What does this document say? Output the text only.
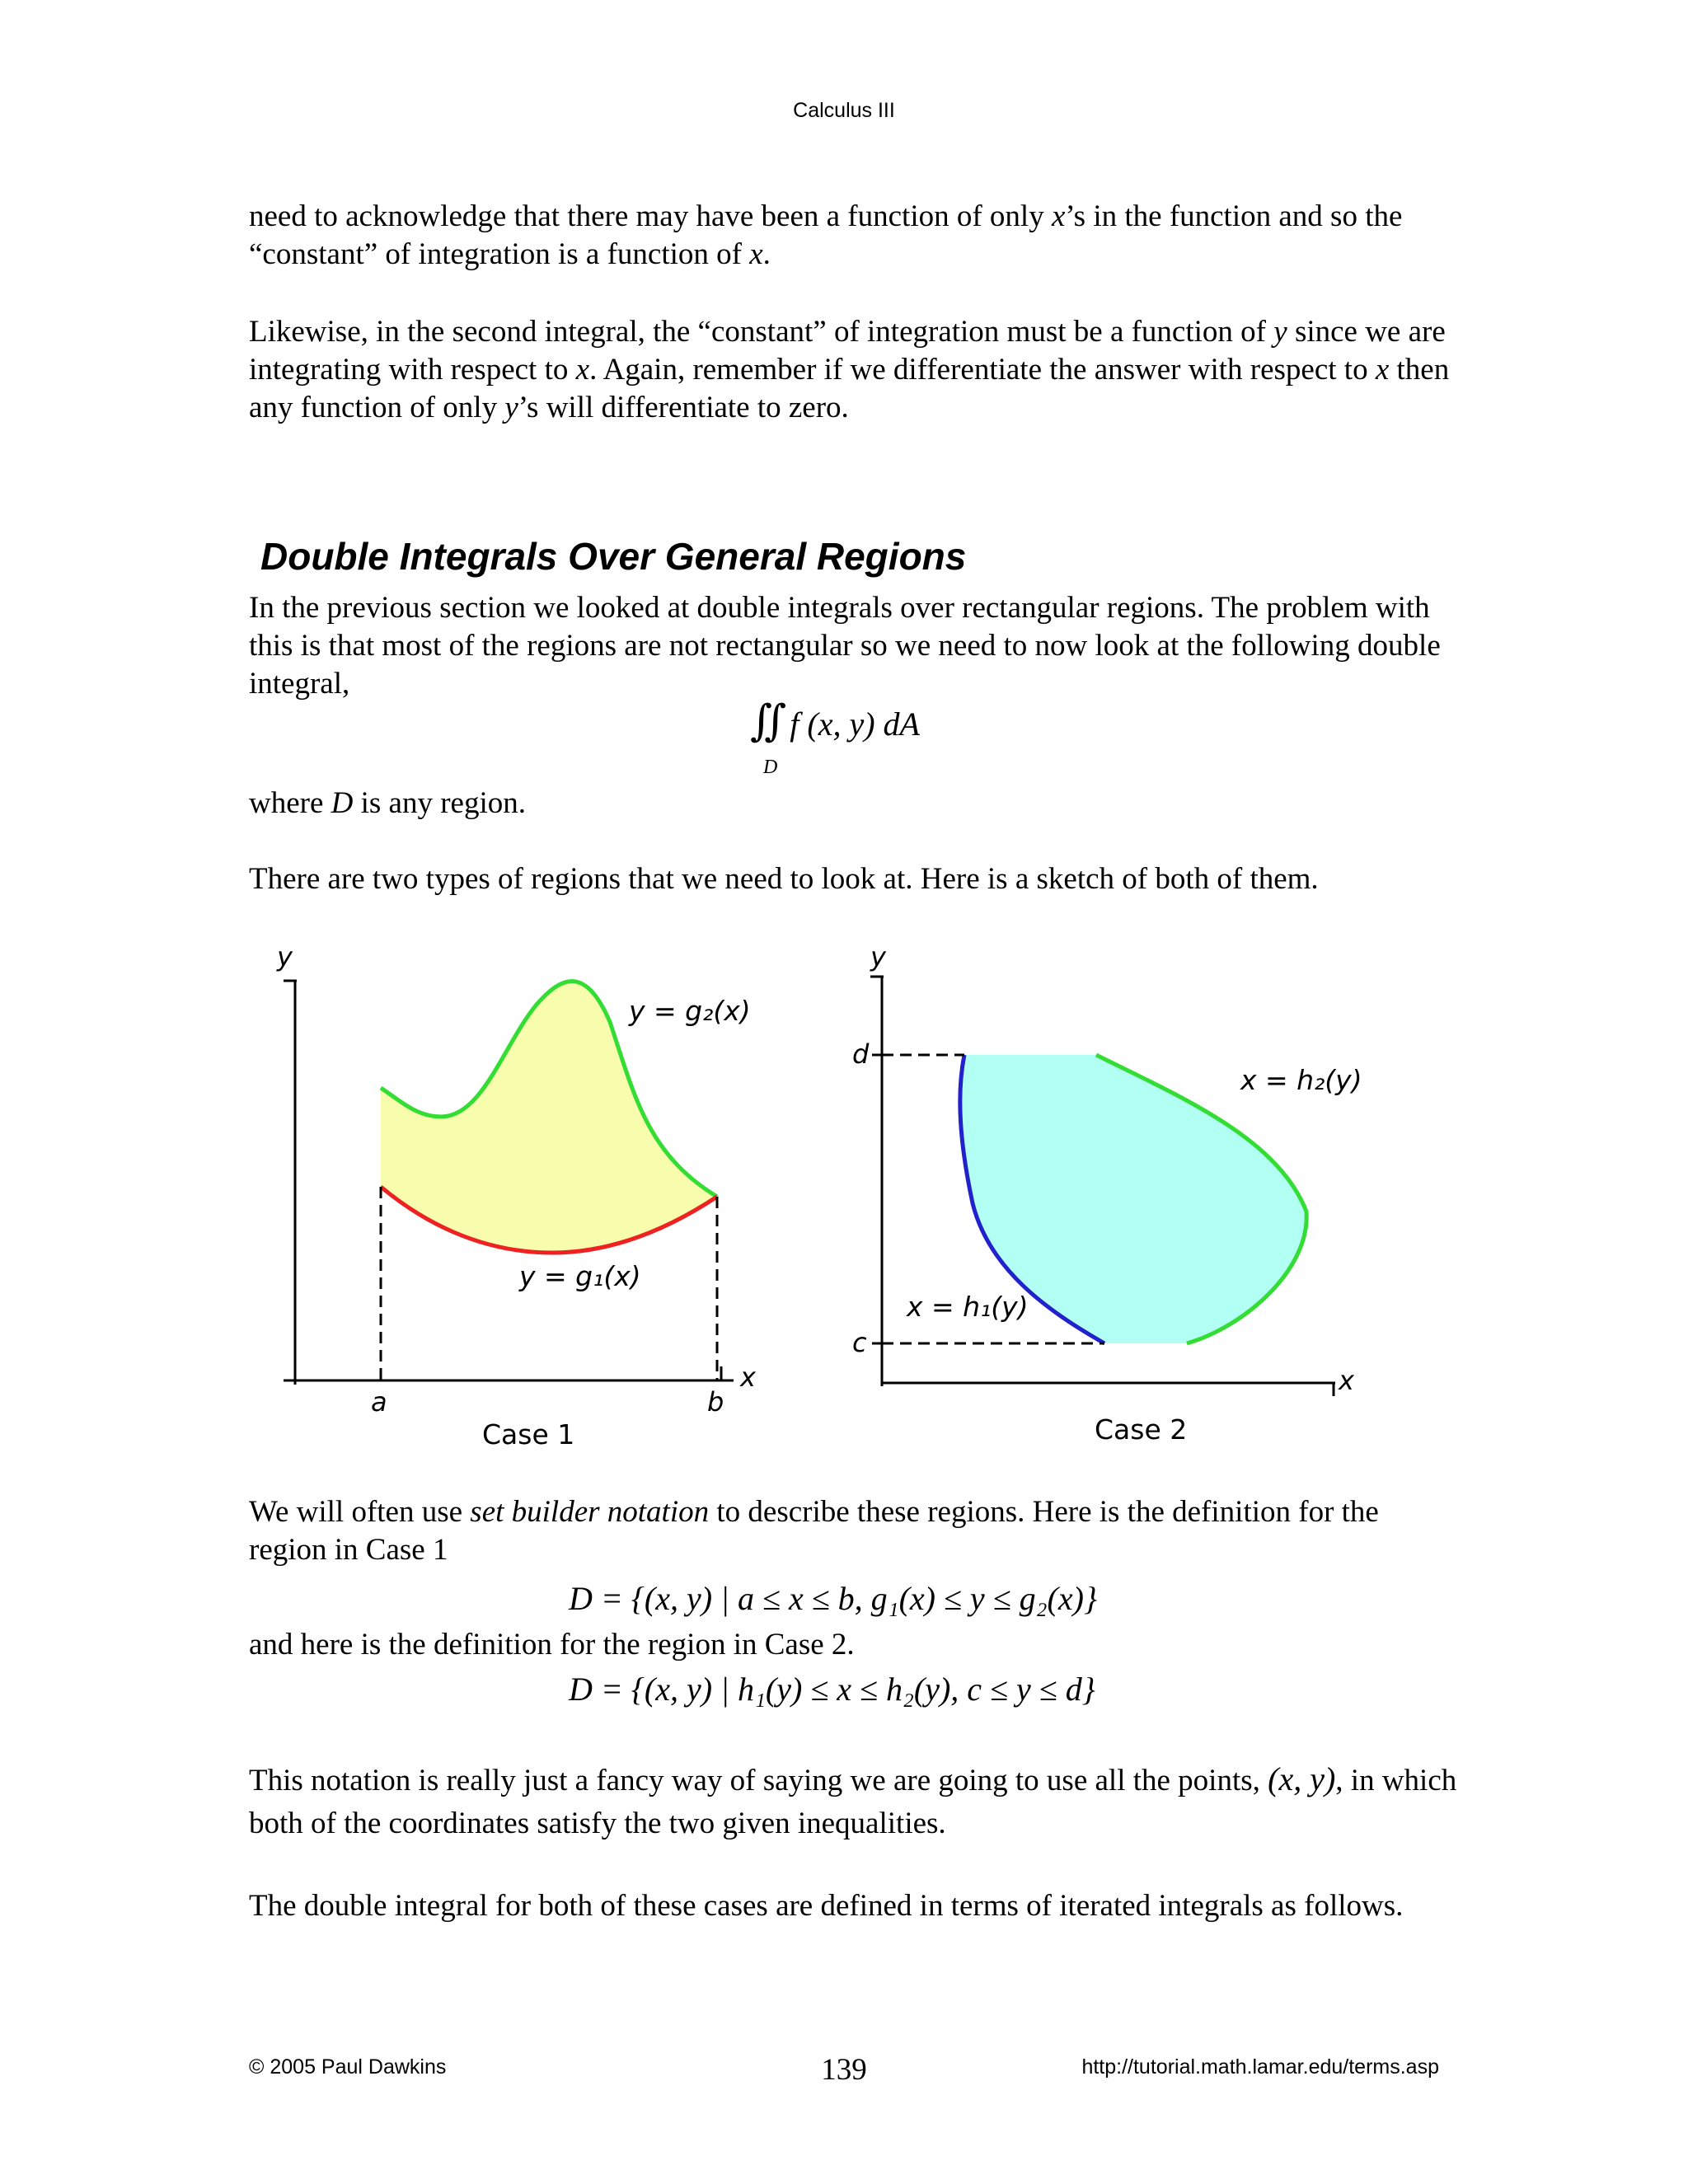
Calculus III

need to acknowledge that there may have been a function of only x’s in the function and so the “constant” of integration is a function of x.

Likewise, in the second integral, the “constant” of integration must be a function of y since we are integrating with respect to x. Again, remember if we differentiate the answer with respect to x then any function of only y’s will differentiate to zero.

Double Integrals Over General Regions

In the previous section we looked at double integrals over rectangular regions. The problem with this is that most of the regions are not rectangular so we need to now look at the following double integral,

∬ f (x, y) dA
D

where D is any region.

There are two types of regions that we need to look at. Here is a sketch of both of them.

y
x
a	b
y = g₂(x)
y = g₁(x)
Case 1
y
x
d
c
x = h₂(y)
x = h₁(y)
Case 2

We will often use set builder notation to describe these regions. Here is the definition for the region in Case 1

D = {(x, y) | a ≤ x ≤ b, g₁(x) ≤ y ≤ g₂(x)}

and here is the definition for the region in Case 2.

D = {(x, y) | h₁(y) ≤ x ≤ h₂(y), c ≤ y ≤ d}

This notation is really just a fancy way of saying we are going to use all the points, (x, y), in which both of the coordinates satisfy the two given inequalities.

The double integral for both of these cases are defined in terms of iterated integrals as follows.

© 2005 Paul Dawkins	139	http://tutorial.math.lamar.edu/terms.asp
